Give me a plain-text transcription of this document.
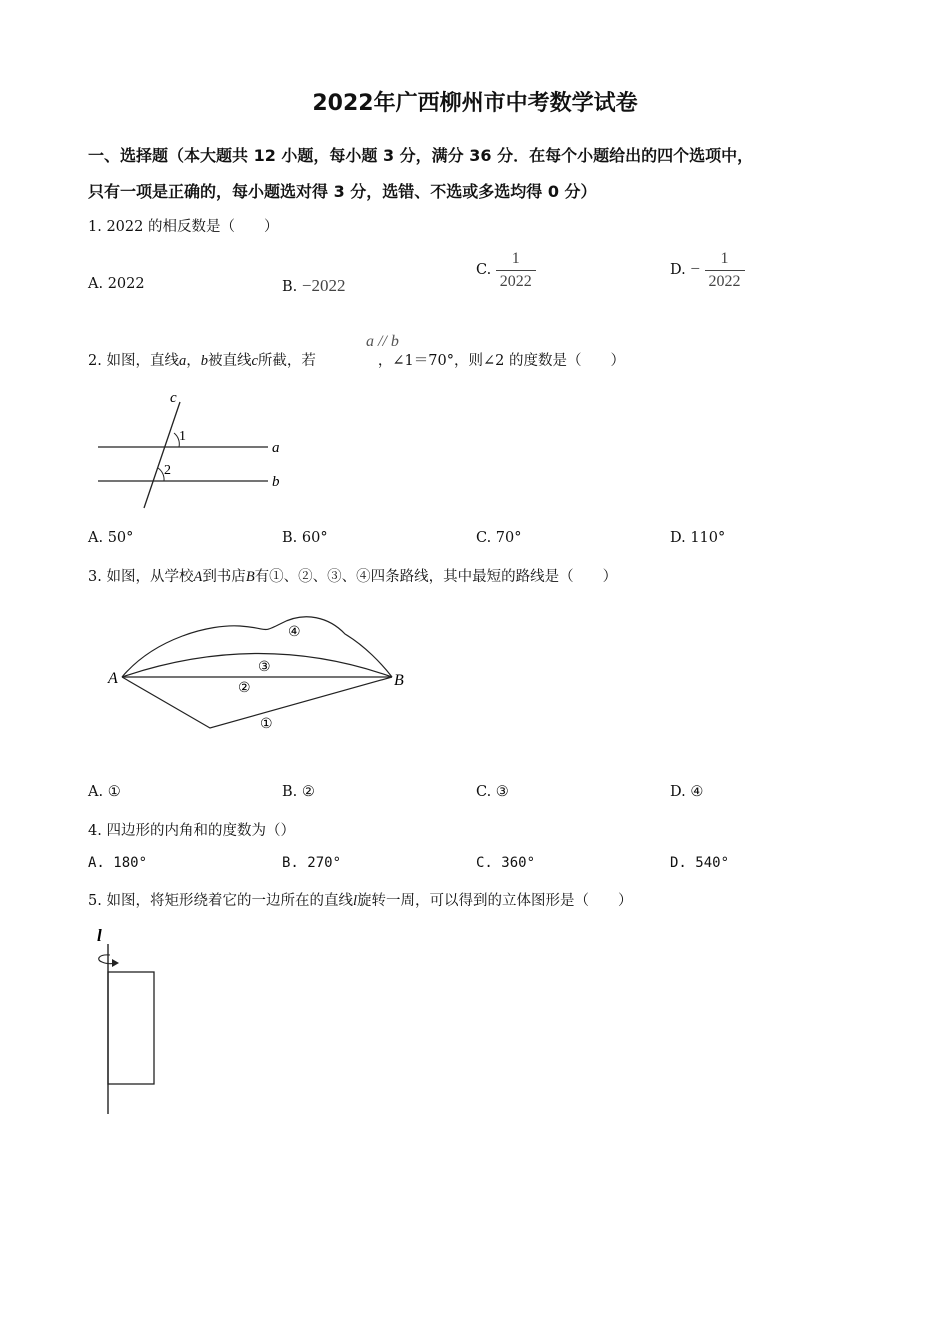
2022年广西柳州市中考数学试卷
一、选择题（本大题共 12 小题，每小题 3 分，满分 36 分．在每个小题给出的四个选项中，
只有一项是正确的，每小题选对得 3 分，选错、不选或多选均得 0 分）
1. 2022 的相反数是（　　）
A. 2022	B. −2022
C. $\frac{1}{2022}$	D. − $\frac{1}{2022}$
2. 如图，直线a，b被直线c所截，若	，∠1＝70°，则∠2 的度数是（　　）
a // b
c
1
a
2
b
A. 50°	B. 60°	C. 70°	D. 110°
3. 如图，从学校A到书店B有①、②、③、④四条路线，其中最短的路线是（　　）
A	B
①
②
③
④
A. ①	B. ②	C. ③	D. ④
4. 四边形的内角和的度数为（）
A. 180°	B. 270°	C. 360°	D. 540°
5. 如图，将矩形绕着它的一边所在的直线l旋转一周，可以得到的立体图形是（　　）
l
